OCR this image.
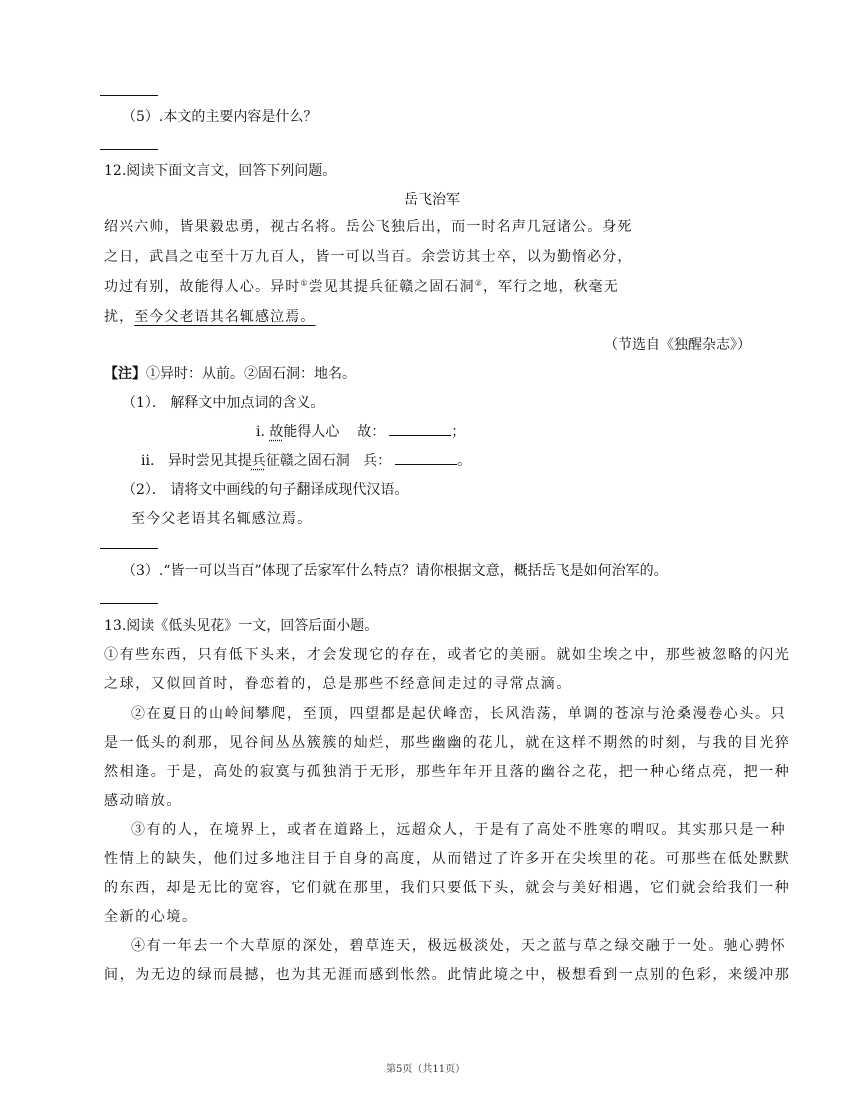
（5）.本文的主要内容是什么？
12.阅读下面文言文，回答下列问题。
岳飞治军
绍兴六帅，皆果毅忠勇，视古名将。岳公飞独后出，而一时名声几冠诸公。身死
之日，武昌之屯至十万九百人，皆一可以当百。余尝访其士卒，以为勤惰必分，
功过有别，故能得人心。异时①尝见其提兵征赣之固石洞②，军行之地，秋毫无
扰，至今父老语其名辄感泣焉。
（节选自《独醒杂志》）
【注】①异时：从前。②固石洞：地名。
（1）． 解释文中加点词的含义。
i. 故能得人心 故：	；
ii. 异时尝见其提兵征赣之固石洞 兵：	。
（2）． 请将文中画线的句子翻译成现代汉语。
至今父老语其名辄感泣焉。
（3）.“皆一可以当百”体现了岳家军什么特点？请你根据文意，概括岳飞是如何治军的。
13.阅读《低头见花》一文，回答后面小题。
①有些东西，只有低下头来，才会发现它的存在，或者它的美丽。就如尘埃之中，那些被忽略的闪光
之球，又似回首时，眷恋着的，总是那些不经意间走过的寻常点滴。
②在夏日的山岭间攀爬，至顶，四望都是起伏峰峦，长风浩荡，单调的苍凉与沧桑漫卷心头。只
是一低头的刹那，见谷间丛丛簇簇的灿烂，那些幽幽的花儿，就在这样不期然的时刻，与我的目光猝
然相逢。于是，高处的寂寞与孤独消于无形，那些年年开且落的幽谷之花，把一种心绪点亮，把一种
感动暗放。
③有的人，在境界上，或者在道路上，远超众人，于是有了高处不胜寒的喟叹。其实那只是一种
性情上的缺失，他们过多地注目于自身的高度，从而错过了许多开在尖埃里的花。可那些在低处默默
的东西，却是无比的宽容，它们就在那里，我们只要低下头，就会与美好相遇，它们就会给我们一种
全新的心境。
④有一年去一个大草原的深处，碧草连天，极远极淡处，天之蓝与草之绿交融于一处。驰心骋怀
间，为无边的绿而晨撼，也为其无涯而感到怅然。此情此境之中，极想看到一点别的色彩，来缓冲那
第5页（共11页）
